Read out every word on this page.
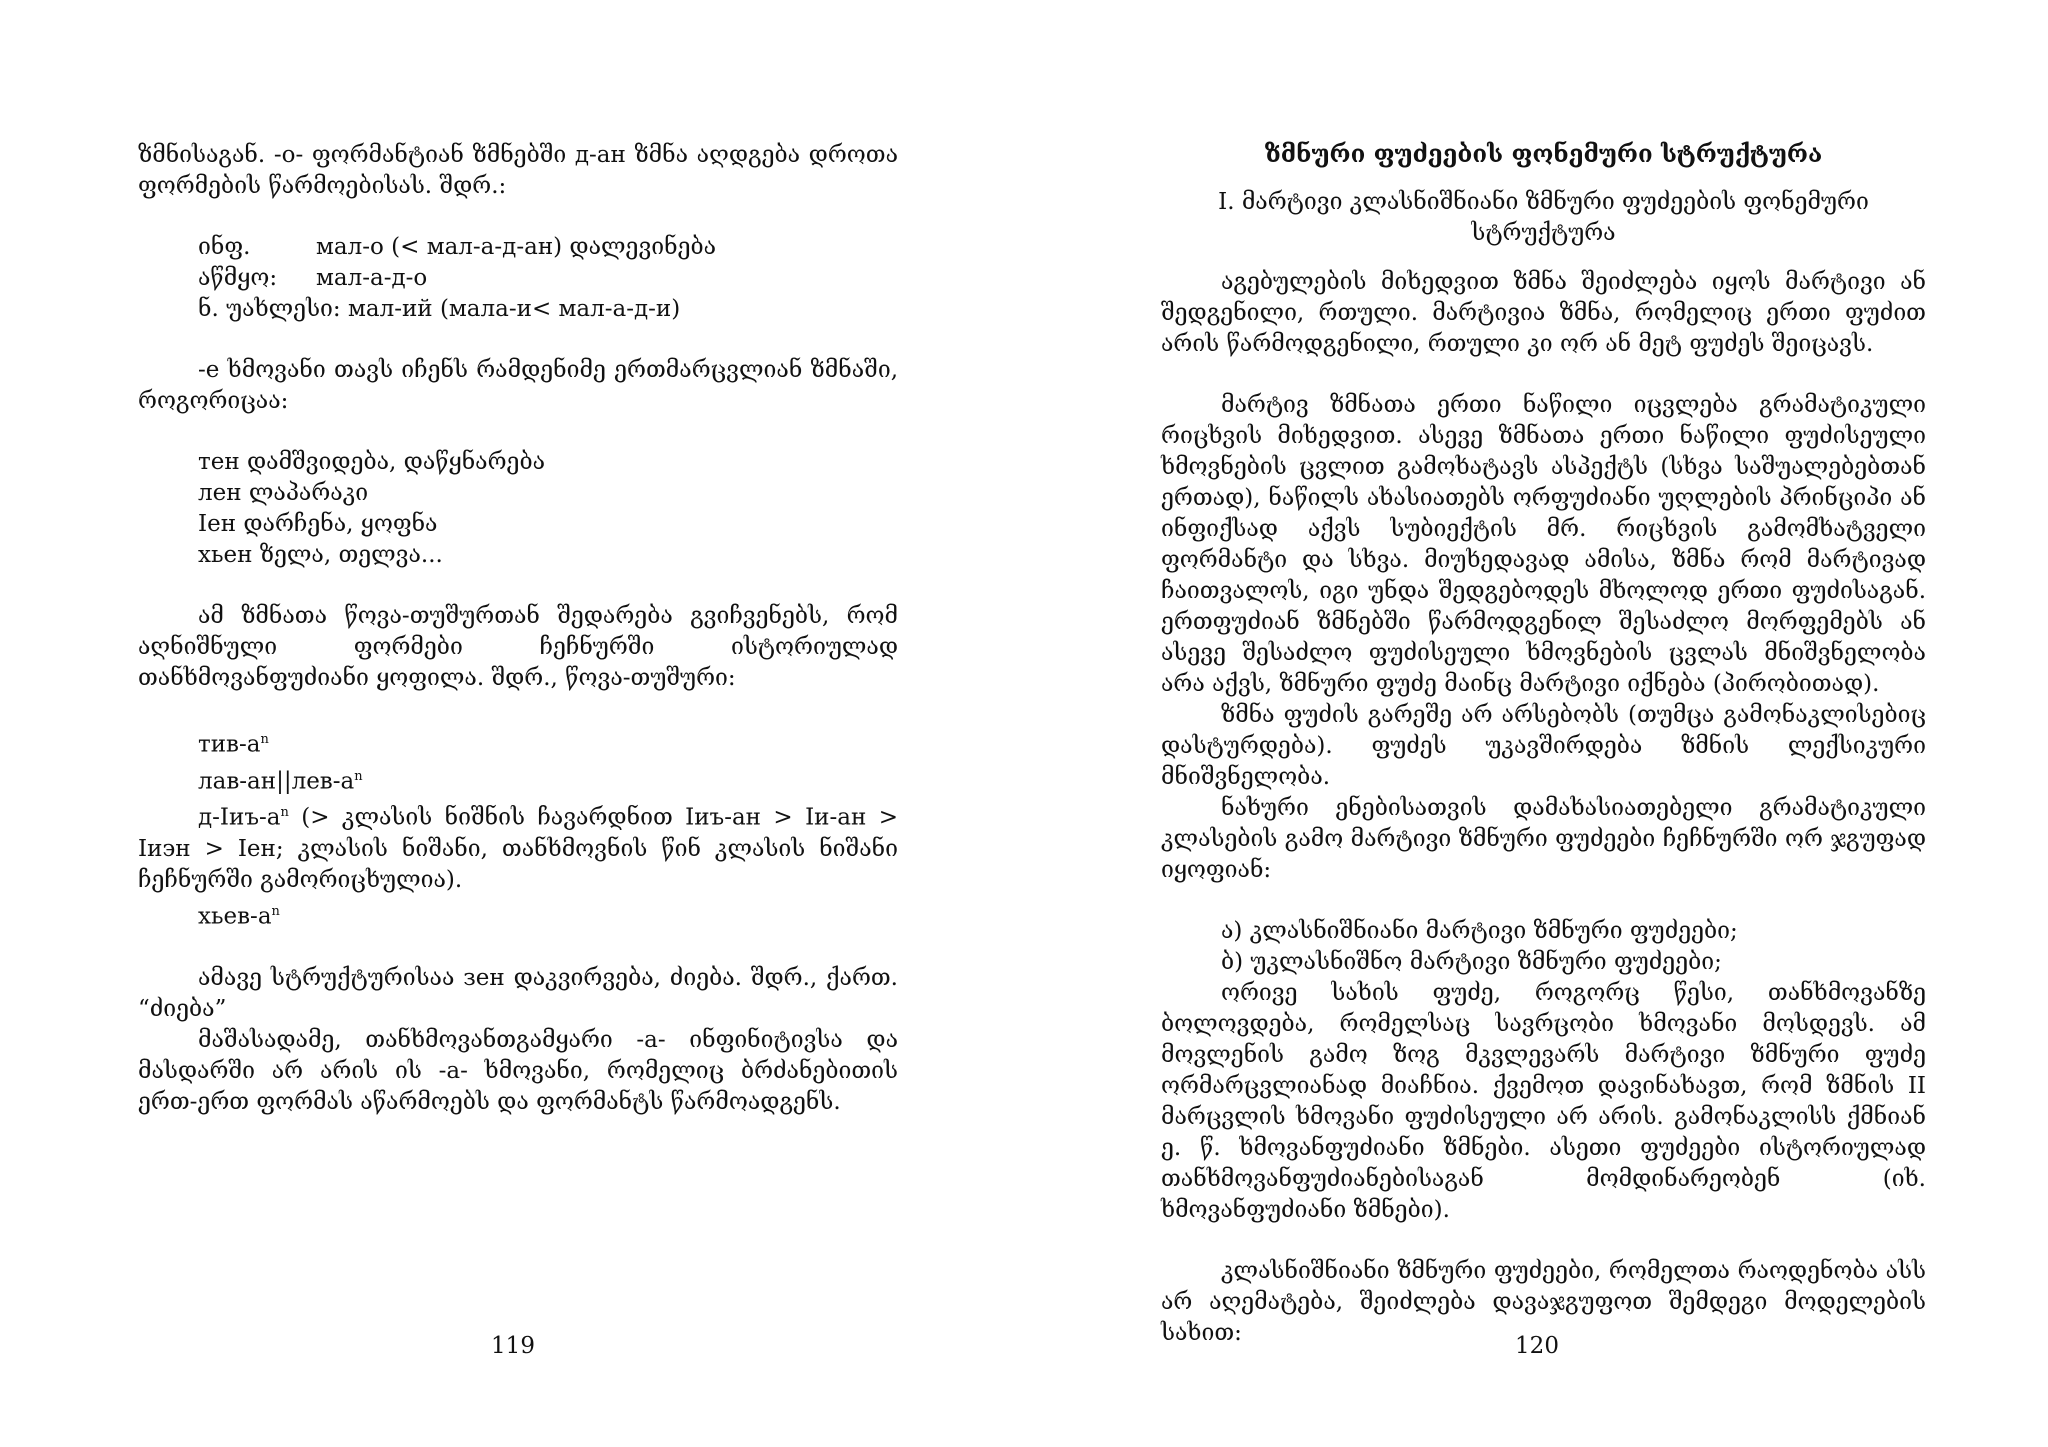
ზმნისაგან. -о- ფორმანტიან ზმნებში д-ан ზმნა აღდგება დროთა ფორმების წარმოებისას. შდრ.:

ინფ.	мал-о (< мал-а-д-ан) დალევინება
აწმყო:	мал-а-д-о
ნ. უახლესი: мал-ий (мала-и< мал-а-д-и)

-е ხმოვანი თავს იჩენს რამდენიმე ერთმარცვლიან ზმნაში, როგორიცაა:

тен დამშვიდება, დაწყნარება
лен ლაპარაკი
Iен დარჩენა, ყოფნა
хьен ზელა, თელვა...

ამ ზმნათა წოვა-თუშურთან შედარება გვიჩვენებს, რომ აღნიშნული ფორმები ჩეჩნურში ისტორიულად თანხმოვანფუძიანი ყოფილა. შდრ., წოვა-თუშური:

тив-$а^n$
лав-$ан||лев-а^n$

$д-Iиъ-а^n$ (> კლასის ნიშნის ჩავარდნით Iиъ-ан > Iи-ан > Iиэн > Iен; კლასის ნიშანი, თანხმოვნის წინ კლასის ნიშანი ჩეჩნურში გამორიცხულია).

хьев-$а^n$

ამავე სტრუქტურისაა зен დაკვირვება, ძიება. შდრ., ქართ. “ძიება”

მაშასადამე, თანხმოვანთგამყარი -а- ინფინიტივსა და მასდარში არ არის ის -а- ხმოვანი, რომელიც ბრძანებითის ერთ-ერთ ფორმას აწარმოებს და ფორმანტს წარმოადგენს.

119
ზმნური ფუძეების ფონემური სტრუქტურა
I. მარტივი კლასნიშნიანი ზმნური ფუძეების ფონემური სტრუქტურა

აგებულების მიხედვით ზმნა შეიძლება იყოს მარტივი ან შედგენილი, რთული. მარტივია ზმნა, რომელიც ერთი ფუძით არის წარმოდგენილი, რთული კი ორ ან მეტ ფუძეს შეიცავს.

მარტივ ზმნათა ერთი ნაწილი იცვლება გრამატიკული რიცხვის მიხედვით. ასევე ზმნათა ერთი ნაწილი ფუძისეული ხმოვნების ცვლით გამოხატავს ასპექტს (სხვა საშუალებებთან ერთად), ნაწილს ახასიათებს ორფუძიანი უღლების პრინციპი ან ინფიქსად აქვს სუბიექტის მრ. რიცხვის გამომხატველი ფორმანტი და სხვა. მიუხედავად ამისა, ზმნა რომ მარტივად ჩაითვალოს, იგი უნდა შედგებოდეს მხოლოდ ერთი ფუძისაგან. ერთფუძიან ზმნებში წარმოდგენილ შესაძლო მორფემებს ან ასევე შესაძლო ფუძისეული ხმოვნების ცვლას მნიშვნელობა არა აქვს, ზმნური ფუძე მაინც მარტივი იქნება (პირობითად).

ზმნა ფუძის გარეშე არ არსებობს (თუმცა გამონაკლისებიც დასტურდება). ფუძეს უკავშირდება ზმნის ლექსიკური მნიშვნელობა.

ნახური ენებისათვის დამახასიათებელი გრამატიკული კლასების გამო მარტივი ზმნური ფუძეები ჩეჩნურში ორ ჯგუფად იყოფიან:

ა) კლასნიშნიანი მარტივი ზმნური ფუძეები;
ბ) უკლასნიშნო მარტივი ზმნური ფუძეები;

ორივე სახის ფუძე, როგორც წესი, თანხმოვანზე ბოლოვდება, რომელსაც სავრცობი ხმოვანი მოსდევს. ამ მოვლენის გამო ზოგ მკვლევარს მარტივი ზმნური ფუძე ორმარცვლიანად მიაჩნია. ქვემოთ დავინახავთ, რომ ზმნის II მარცვლის ხმოვანი ფუძისეული არ არის. გამონაკლისს ქმნიან ე. წ. ხმოვანფუძიანი ზმნები. ასეთი ფუძეები ისტორიულად თანხმოვანფუძიანებისაგან მომდინარეობენ (იხ. ხმოვანფუძიანი ზმნები).

კლასნიშნიანი ზმნური ფუძეები, რომელთა რაოდენობა ასს არ აღემატება, შეიძლება დავაჯგუფოთ შემდეგი მოდელების სახით:	120
